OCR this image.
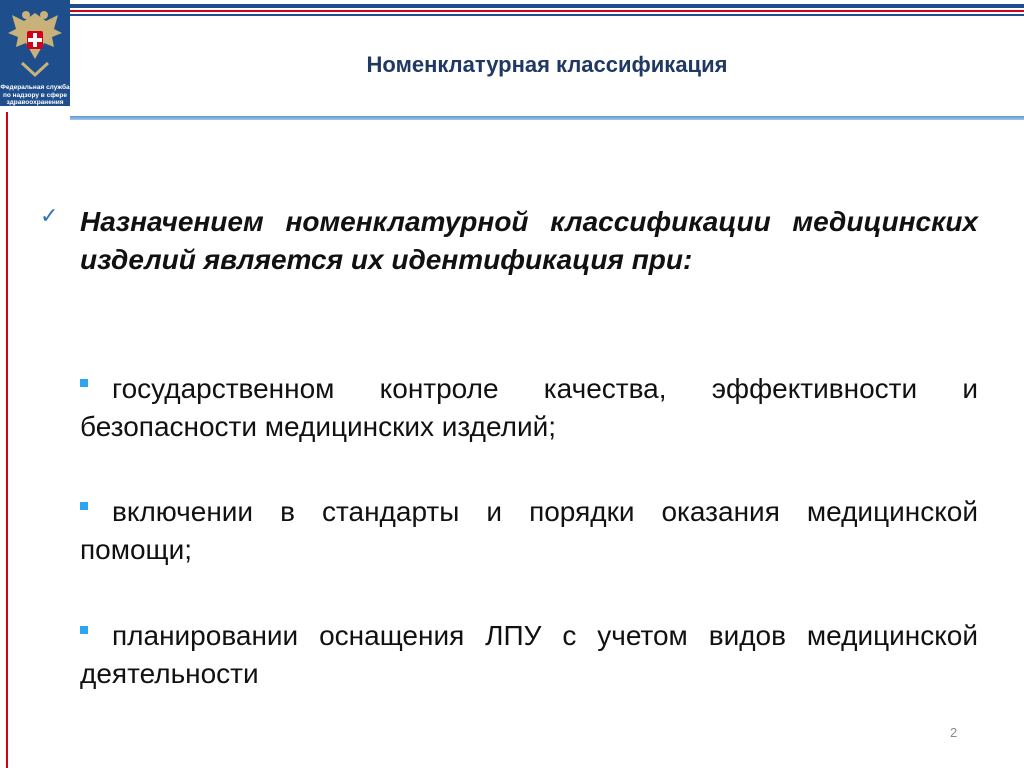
Федеральная служба по надзору в сфере здравоохранения
Номенклатурная классификация
✓ Назначением номенклатурной классификации медицинских изделий является их идентификация при:
государственном контроле качества, эффективности и безопасности медицинских изделий;
включении в стандарты и порядки оказания медицинской помощи;
планировании оснащения ЛПУ с учетом видов медицинской деятельности
2
